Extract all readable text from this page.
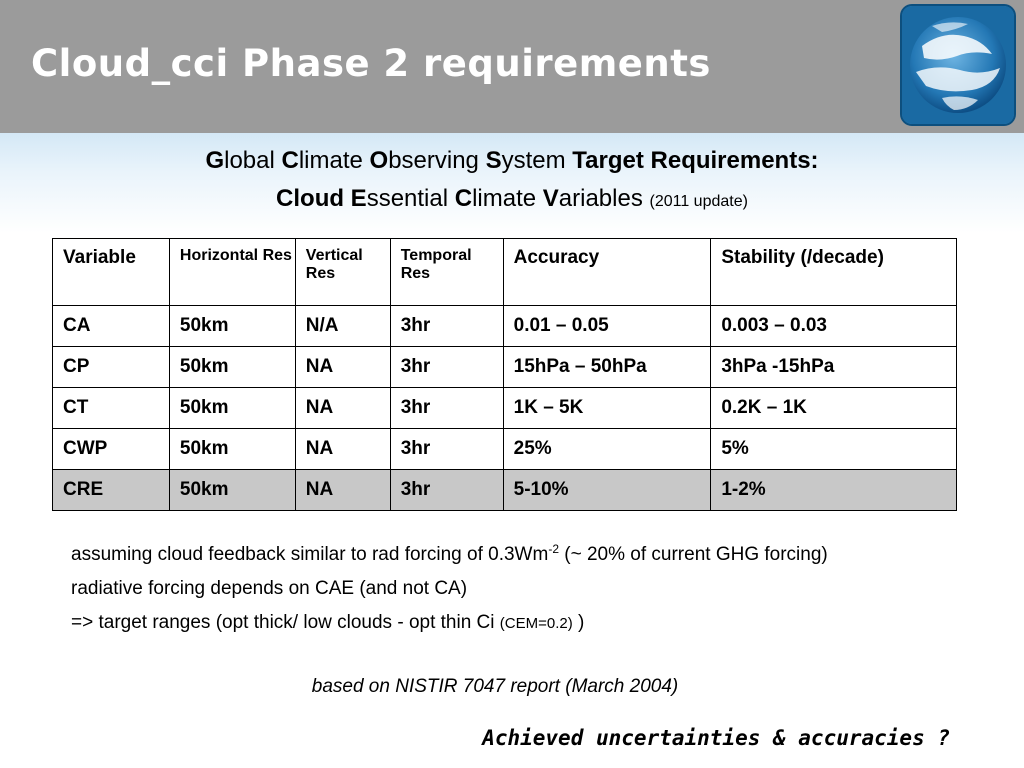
Cloud_cci Phase 2 requirements
Global Climate Observing System Target Requirements:
Cloud Essential Climate Variables (2011 update)
Variable	Horizontal Res	Vertical Res	Temporal Res	Accuracy	Stability (/decade)
CA	50km	N/A	3hr	0.01 – 0.05	0.003 – 0.03
CP	50km	NA	3hr	15hPa – 50hPa	3hPa -15hPa
CT	50km	NA	3hr	1K – 5K	0.2K – 1K
CWP	50km	NA	3hr	25%	5%
CRE	50km	NA	3hr	5-10%	1-2%
assuming cloud feedback similar to rad forcing of $0.3Wm^{-2}$ (~ 20% of current GHG forcing)
radiative forcing depends on CAE (and not CA)
=> target ranges (opt thick/ low clouds - opt thin Ci (CEM=0.2) )
based on NISTIR 7047 report (March 2004)
Achieved uncertainties & accuracies ?
